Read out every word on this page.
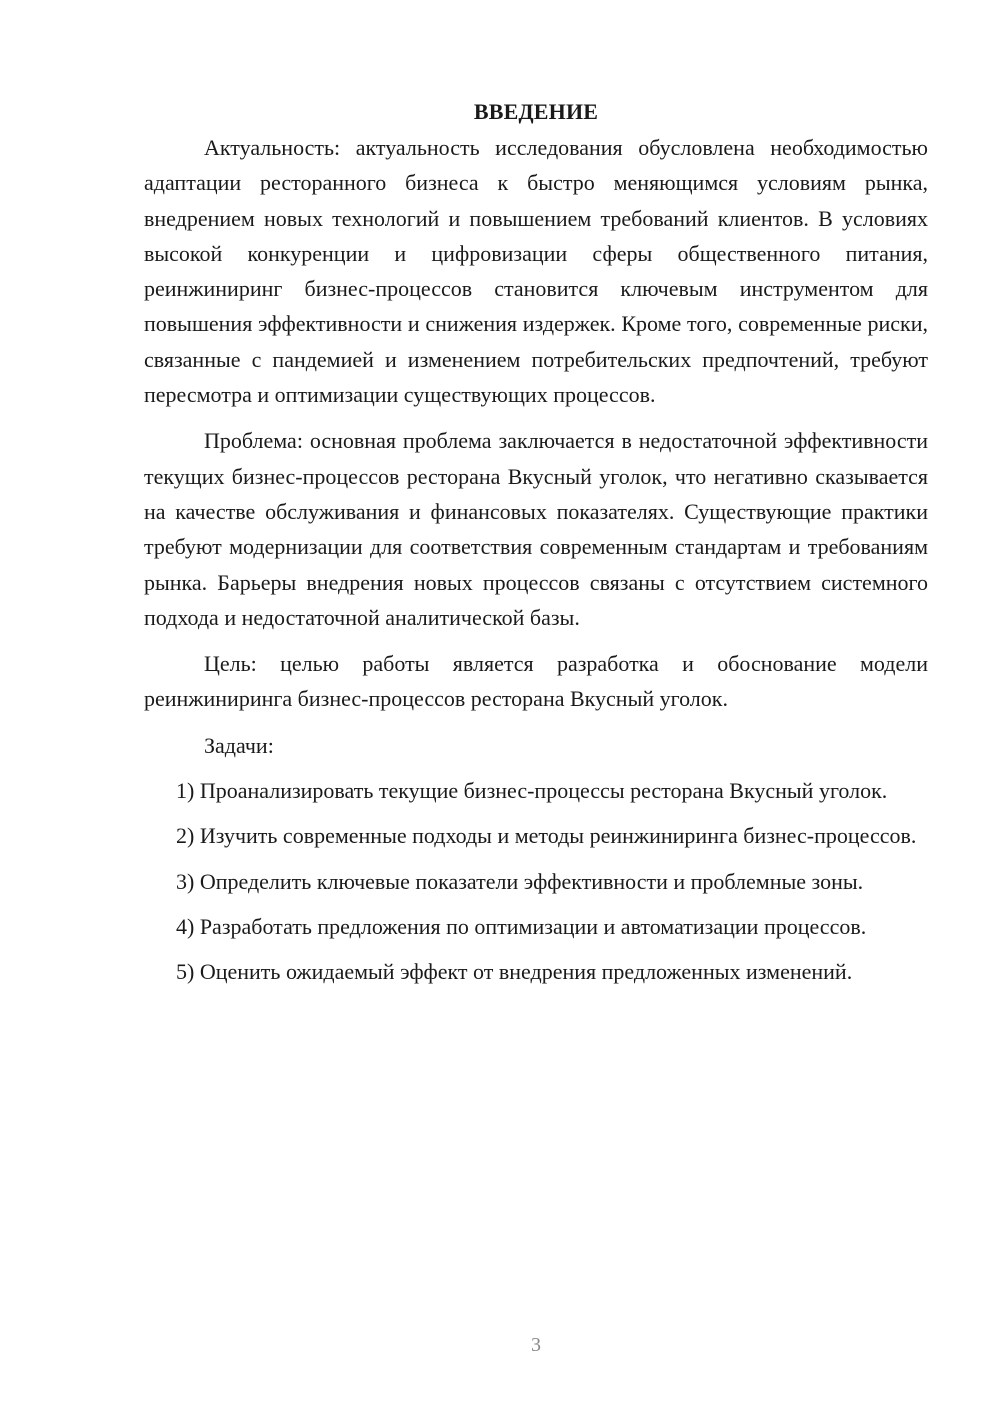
ВВЕДЕНИЕ

Актуальность: актуальность исследования обусловлена необходимостью адаптации ресторанного бизнеса к быстро меняющимся условиям рынка, внедрением новых технологий и повышением требований клиентов. В условиях высокой конкуренции и цифровизации сферы общественного питания, реинжиниринг бизнес-процессов становится ключевым инструментом для повышения эффективности и снижения издержек. Кроме того, современные риски, связанные с пандемией и изменением потребительских предпочтений, требуют пересмотра и оптимизации существующих процессов.

Проблема: основная проблема заключается в недостаточной эффективности текущих бизнес-процессов ресторана Вкусный уголок, что негативно сказывается на качестве обслуживания и финансовых показателях. Существующие практики требуют модернизации для соответствия современным стандартам и требованиям рынка. Барьеры внедрения новых процессов связаны с отсутствием системного подхода и недостаточной аналитической базы.

Цель: целью работы является разработка и обоснование модели реинжиниринга бизнес-процессов ресторана Вкусный уголок.

Задачи:

1) Проанализировать текущие бизнес-процессы ресторана Вкусный уголок.

2) Изучить современные подходы и методы реинжиниринга бизнес-процессов.

3) Определить ключевые показатели эффективности и проблемные зоны.

4) Разработать предложения по оптимизации и автоматизации процессов.

5) Оценить ожидаемый эффект от внедрения предложенных изменений.

3
